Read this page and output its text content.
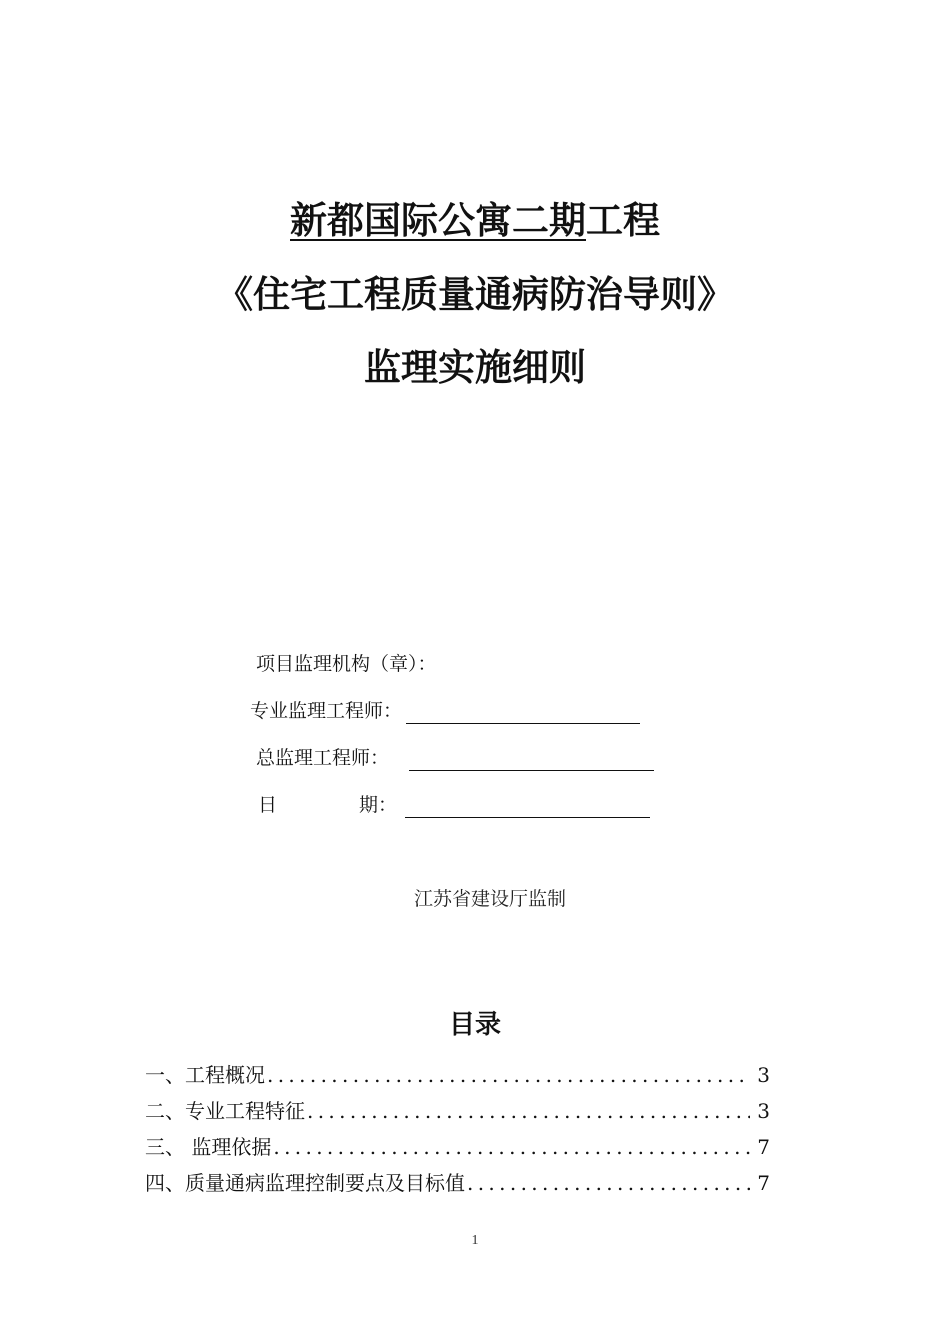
新都国际公寓二期工程
《住宅工程质量通病防治导则》
监理实施细则
项目监理机构（章）：
专业监理工程师：
总监理工程师：
日	期：
江苏省建设厅监制
目录
一、工程概况 . . .	3
二、专业工程特征 . . .	3
三、 监理依据 . . .	7
四、质量通病监理控制要点及目标值 . . .	7
1
